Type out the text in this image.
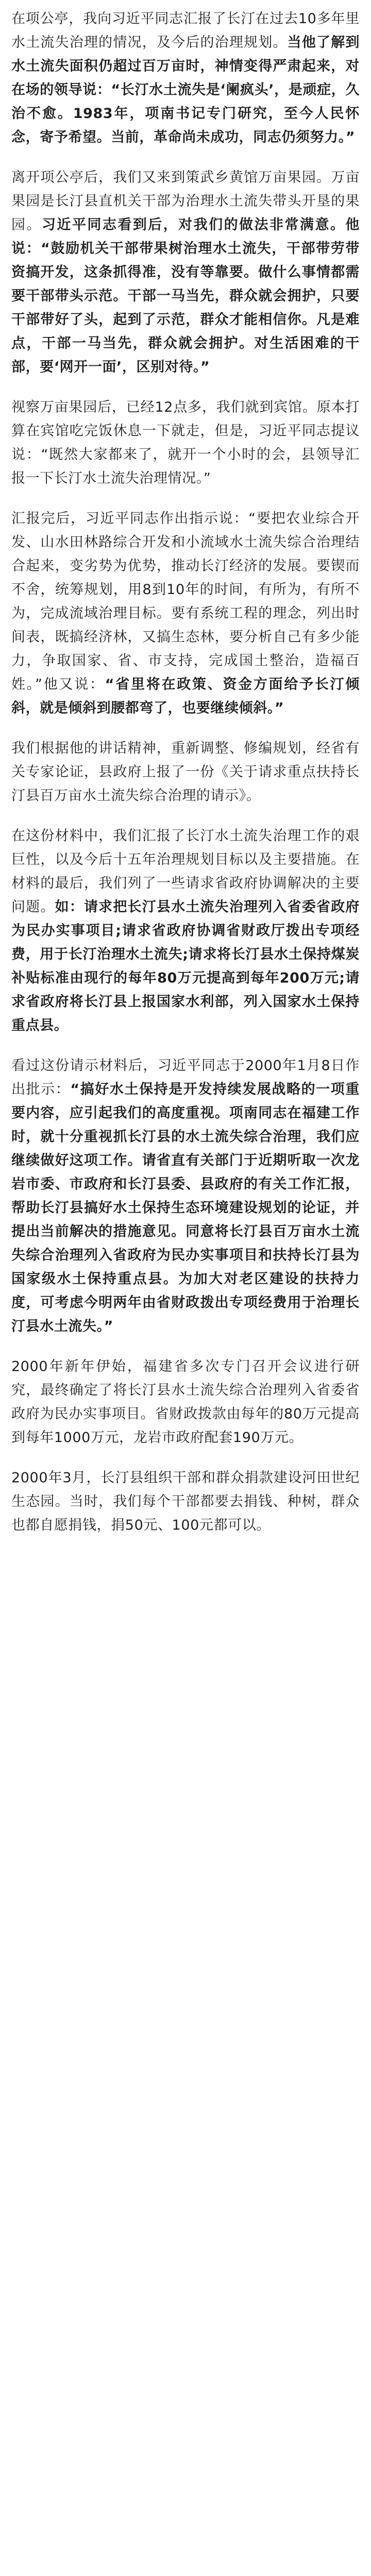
在项公亭，我向习近平同志汇报了长汀在过去10多年里水土流失治理的情况，及今后的治理规划。当他了解到水土流失面积仍超过百万亩时，神情变得严肃起来，对在场的领导说：“长汀水土流失是‘阑疯头’，是顽症，久治不愈。1983年，项南书记专门研究，至今人民怀念，寄予希望。当前，革命尚未成功，同志仍须努力。”

离开项公亭后，我们又来到策武乡黄馆万亩果园。万亩果园是长汀县直机关干部为治理水土流失带头开垦的果园。习近平同志看到后，对我们的做法非常满意。他说：“鼓励机关干部带果树治理水土流失，干部带劳带资搞开发，这条抓得准，没有等靠要。做什么事情都需要干部带头示范。干部一马当先，群众就会拥护，只要干部带好了头，起到了示范，群众才能相信你。凡是难点，干部一马当先，群众就会拥护。对生活困难的干部，要‘网开一面’，区别对待。”

视察万亩果园后，已经12点多，我们就到宾馆。原本打算在宾馆吃完饭休息一下就走，但是，习近平同志提议说：“既然大家都来了，就开一个小时的会，县领导汇报一下长汀水土流失治理情况。”

汇报完后，习近平同志作出指示说：“要把农业综合开发、山水田林路综合开发和小流域水土流失综合治理结合起来，变劣势为优势，推动长汀经济的发展。要锲而不舍，统筹规划，用8到10年的时间，有所为，有所不为，完成流域治理目标。要有系统工程的理念，列出时间表，既搞经济林，又搞生态林，要分析自己有多少能力，争取国家、省、市支持，完成国土整治，造福百姓。”他又说：“省里将在政策、资金方面给予长汀倾斜，就是倾斜到腰都弯了，也要继续倾斜。”

我们根据他的讲话精神，重新调整、修编规划，经省有关专家论证，县政府上报了一份《关于请求重点扶持长汀县百万亩水土流失综合治理的请示》。

在这份材料中，我们汇报了长汀水土流失治理工作的艰巨性，以及今后十五年治理规划目标以及主要措施。在材料的最后，我们列了一些请求省政府协调解决的主要问题。如：请求把长汀县水土流失治理列入省委省政府为民办实事项目;请求省政府协调省财政厅拨出专项经费，用于长汀治理水土流失;请求将长汀县水土保持煤炭补贴标准由现行的每年80万元提高到每年200万元;请求省政府将长汀县上报国家水利部，列入国家水土保持重点县。

看过这份请示材料后，习近平同志于2000年1月8日作出批示：“搞好水土保持是开发持续发展战略的一项重要内容，应引起我们的高度重视。项南同志在福建工作时，就十分重视抓长汀县的水土流失综合治理，我们应继续做好这项工作。请省直有关部门于近期听取一次龙岩市委、市政府和长汀县委、县政府的有关工作汇报，帮助长汀县搞好水土保持生态环境建设规划的论证，并提出当前解决的措施意见。同意将长汀县百万亩水土流失综合治理列入省政府为民办实事项目和扶持长汀县为国家级水土保持重点县。为加大对老区建设的扶持力度，可考虑今明两年由省财政拨出专项经费用于治理长汀县水土流失。”

2000年新年伊始，福建省多次专门召开会议进行研究，最终确定了将长汀县水土流失综合治理列入省委省政府为民办实事项目。省财政拨款由每年的80万元提高到每年1000万元，龙岩市政府配套190万元。

2000年3月，长汀县组织干部和群众捐款建设河田世纪生态园。当时，我们每个干部都要去捐钱、种树，群众也都自愿捐钱，捐50元、100元都可以。
